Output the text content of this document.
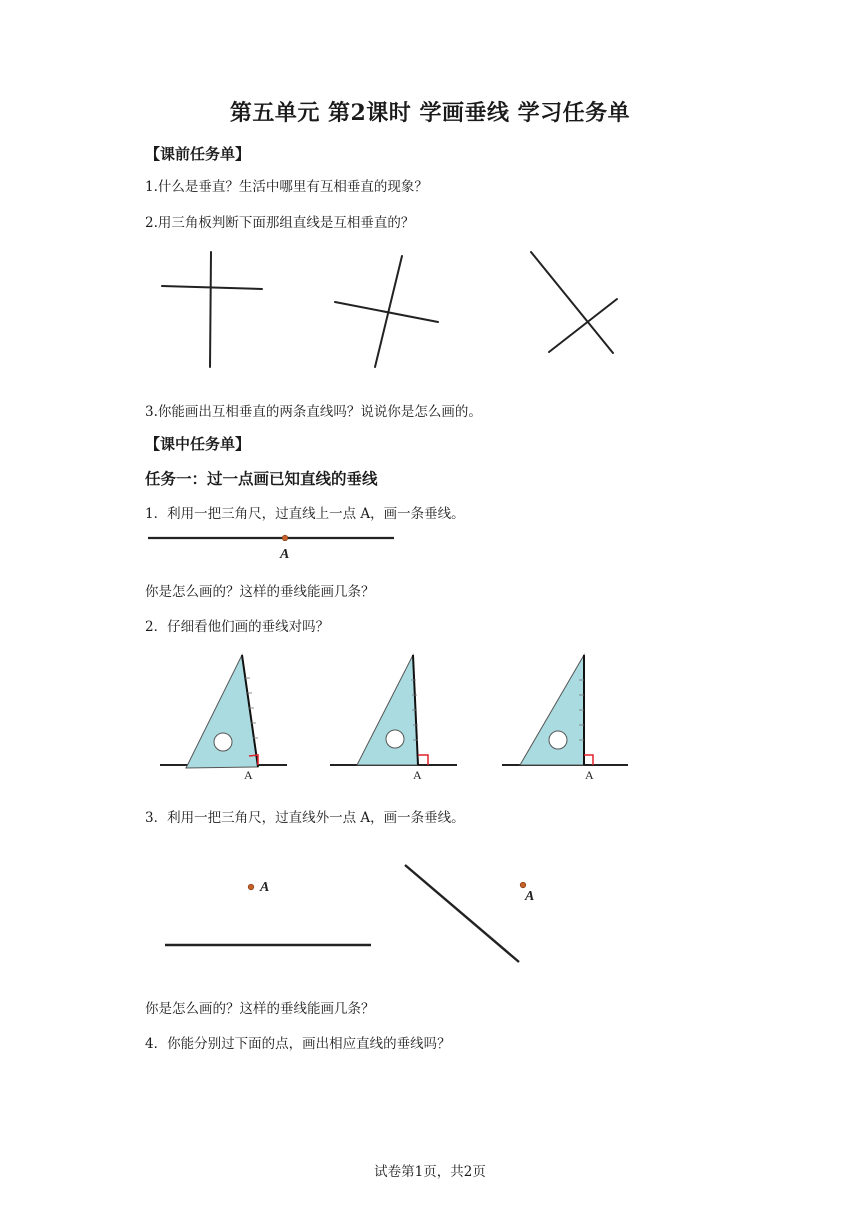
第五单元 第2课时 学画垂线 学习任务单
【课前任务单】
1.什么是垂直？生活中哪里有互相垂直的现象？
2.用三角板判断下面那组直线是互相垂直的？
3.你能画出互相垂直的两条直线吗？说说你是怎么画的。
【课中任务单】
任务一：过一点画已知直线的垂线
1．利用一把三角尺，过直线上一点 A，画一条垂线。
A
你是怎么画的？这样的垂线能画几条？
2．仔细看他们画的垂线对吗？
A	A	A
3．利用一把三角尺，过直线外一点 A，画一条垂线。
A
A
你是怎么画的？这样的垂线能画几条？
4．你能分别过下面的点，画出相应直线的垂线吗？
试卷第1页，共2页
